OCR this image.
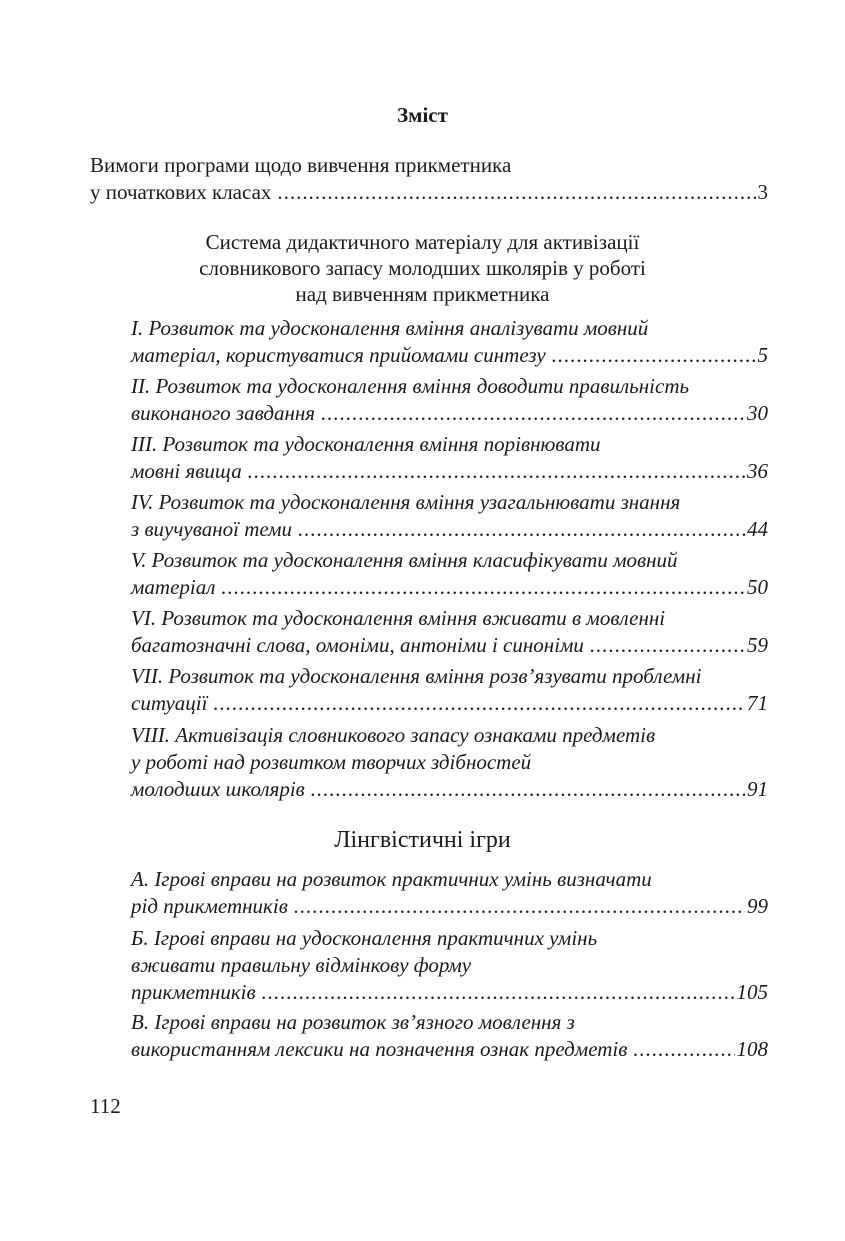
Зміст
Вимоги програми щодо вивчення прикметника
у початкових класах .....	3
Система дидактичного матеріалу для активізації
словникового запасу молодших школярів у роботі
над вивченням прикметника
І. Розвиток та удосконалення вміння аналізувати мовний
матеріал, користуватися прийомами синтезу .....	5
ІІ. Розвиток та удосконалення вміння доводити правильність
виконаного завдання .....	30
ІІІ. Розвиток та удосконалення вміння порівнювати
мовні явища .....	36
IV. Розвиток та удосконалення вміння узагальнювати знання
з виучуваної теми .....	44
V. Розвиток та удосконалення вміння класифікувати мовний
матеріал .....	50
VI. Розвиток та удосконалення вміння вживати в мовленні
багатозначні слова, омоніми, антоніми і синоніми .....	59
VII. Розвиток та удосконалення вміння розв’язувати проблемні
ситуації .....	71
VIII. Активізація словникового запасу ознаками предметів
у роботі над розвитком творчих здібностей
молодших школярів .....	91
Лінгвістичні ігри
А. Ігрові вправи на розвиток практичних умінь визначати
рід прикметників .....	99
Б. Ігрові вправи на удосконалення практичних умінь
вживати правильну відмінкову форму
прикметників .....	105
В. Ігрові вправи на розвиток зв’язного мовлення з
використанням лексики на позначення ознак предметів .....	108
112
